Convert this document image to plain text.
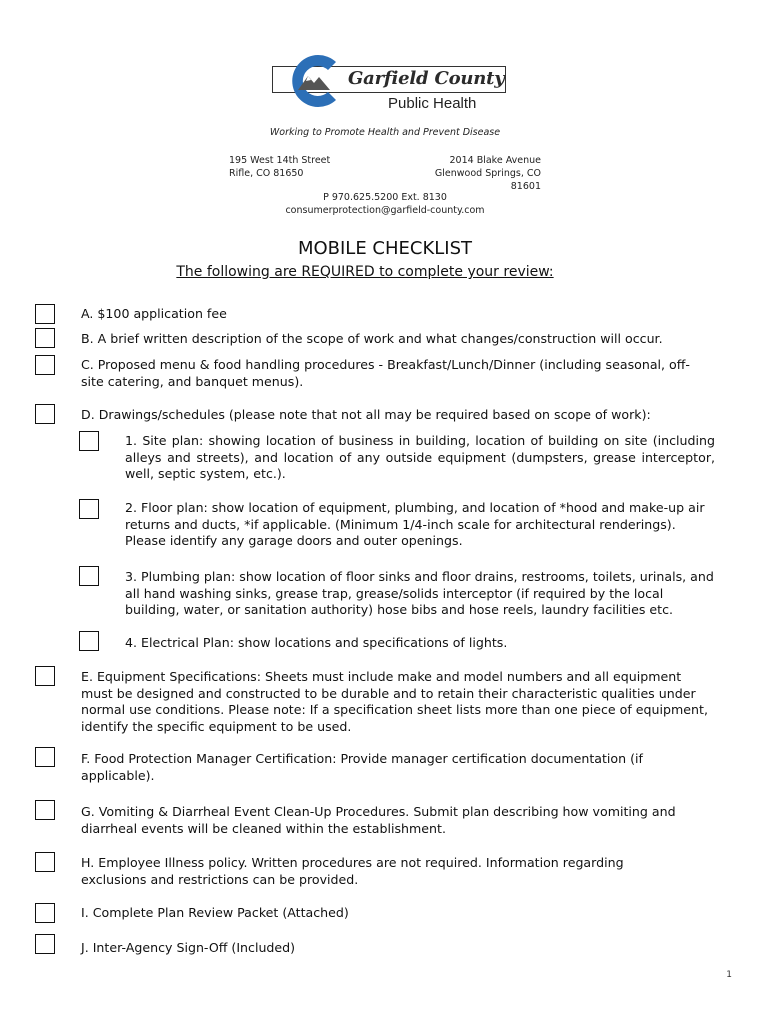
Garfield County
Public Health
Working to Promote Health and Prevent Disease
195 West 14th Street
Rifle, CO 81650
2014 Blake Avenue
Glenwood Springs, CO 81601
P 970.625.5200 Ext. 8130
consumerprotection@garfield-county.com
MOBILE CHECKLIST
The following are REQUIRED to complete your review:
A. $100 application fee
B. A brief written description of the scope of work and what changes/construction will occur.
C. Proposed menu & food handling procedures - Breakfast/Lunch/Dinner (including seasonal, off- site catering, and banquet menus).
D. Drawings/schedules (please note that not all may be required based on scope of work):
1. Site plan: showing location of business in building, location of building on site (including alleys and streets), and location of any outside equipment (dumpsters, grease interceptor, well, septic system, etc.).
2. Floor plan: show location of equipment, plumbing, and location of *hood and make-up air returns and ducts, *if applicable. (Minimum 1/4-inch scale for architectural renderings). Please identify any garage doors and outer openings.
3. Plumbing plan: show location of floor sinks and floor drains, restrooms, toilets, urinals, and all hand washing sinks, grease trap, grease/solids interceptor (if required by the local building, water, or sanitation authority) hose bibs and hose reels, laundry facilities etc.
4. Electrical Plan: show locations and specifications of lights.
E. Equipment Specifications: Sheets must include make and model numbers and all equipment must be designed and constructed to be durable and to retain their characteristic qualities under normal use conditions. Please note: If a specification sheet lists more than one piece of equipment, identify the specific equipment to be used.
F. Food Protection Manager Certification: Provide manager certification documentation (if applicable).
G. Vomiting & Diarrheal Event Clean-Up Procedures. Submit plan describing how vomiting and diarrheal events will be cleaned within the establishment.
H. Employee Illness policy. Written procedures are not required. Information regarding exclusions and restrictions can be provided.
I. Complete Plan Review Packet (Attached)
J. Inter-Agency Sign-Off (Included)
1
